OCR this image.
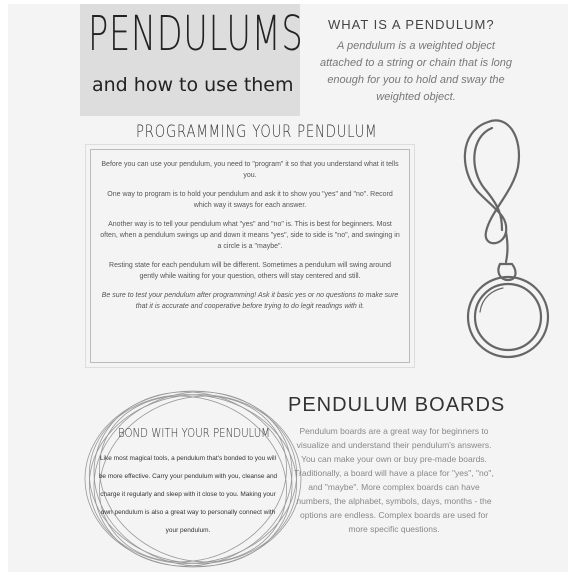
PENDULUMS
and how to use them
WHAT IS A PENDULUM?
A pendulum is a weighted object attached to a string or chain that is long enough for you to hold and sway the weighted object.
PROGRAMMING YOUR PENDULUM

Before you can use your pendulum, you need to "program" it so that you understand what it tells you.

One way to program is to hold your pendulum and ask it to show you "yes" and "no". Record which way it sways for each answer.

Another way is to tell your pendulum what "yes" and "no" is. This is best for beginners. Most often, when a pendulum swings up and down it means "yes", side to side is "no", and swinging in a circle is a "maybe".

Resting state for each pendulum will be different. Sometimes a pendulum will swing around gently while waiting for your question, others will stay centered and still.

Be sure to test your pendulum after programming! Ask it basic yes or no questions to make sure that it is accurate and cooperative before trying to do legit readings with it.

BOND WITH YOUR PENDULUM
Like most magical tools, a pendulum that's bonded to you will be more effective. Carry your pendulum with you, cleanse and charge it regularly and sleep with it close to you. Making your own pendulum is also a great way to personally connect with your pendulum.
PENDULUM BOARDS
Pendulum boards are a great way for beginners to visualize and understand their pendulum's answers. You can make your own or buy pre-made boards. Traditionally, a board will have a place for "yes", "no", and "maybe". More complex boards can have numbers, the alphabet, symbols, days, months - the options are endless. Complex boards are used for more specific questions.
